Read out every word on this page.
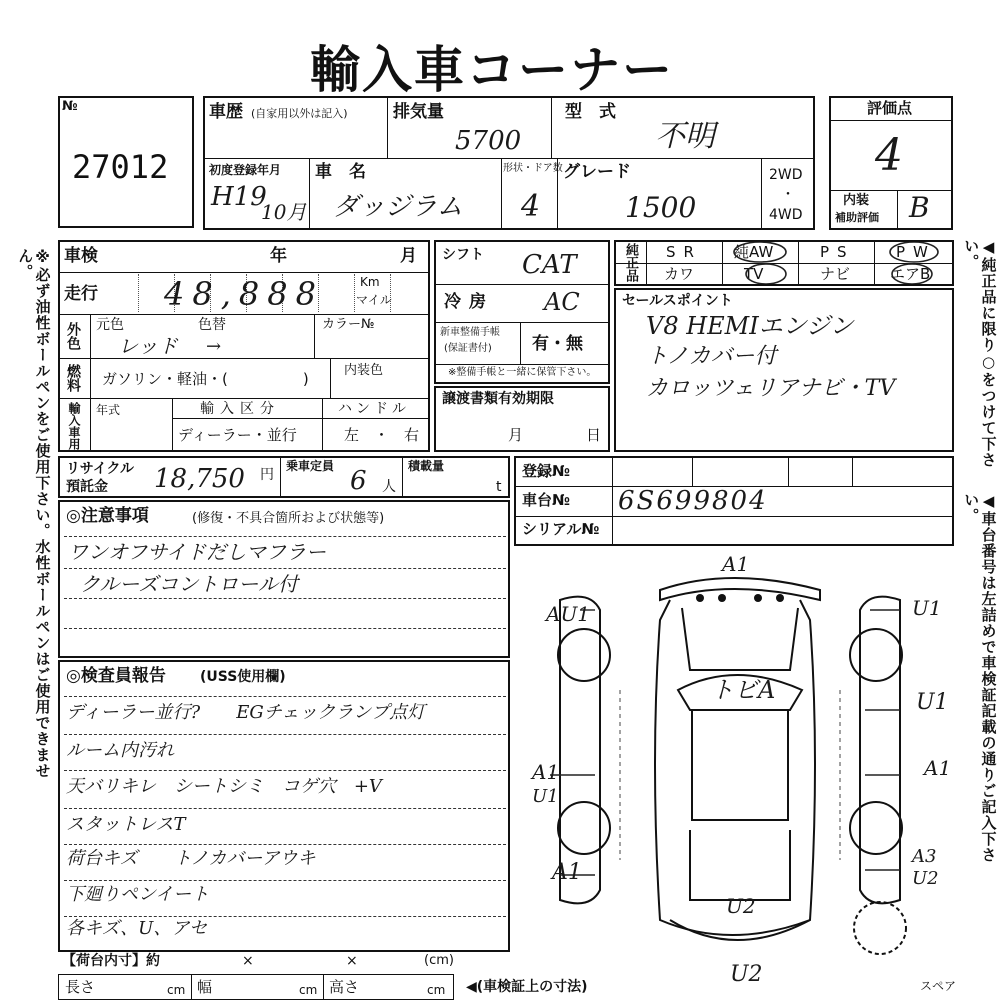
輸入車コーナー
※必ず油性ボールペンをご使用下さい。水性ボールペンはご使用できません。	◀純正品に限り○をつけて下さい。
◀車台番号は左詰めで車検証記載の通りご記入下さい。
№
27012
車歴 (自家用以外は記入)	排気量
5700
型　式
不明
初度登録年月
H19
10月
車　名
ダッジラム
形状・ドア数
4
グレード
1500
2WD
・
4WD
評価点
4
内装
補助評価 B
車検	年	月
走行 48,888	Km
マイル
外色 元色	色替	カラー№
レッド →
燃料 ガソリン・軽油・(　　　　　)	内装色
輸入車用 年式	輸入区分
ディーラー・並行
ハンドル
左　・　右
シフト CAT
冷房 AC
新車整備手帳
(保証書付) 有・無
※整備手帳と一緒に保管下さい。
譲渡書類有効期限
月	日
純正品 SR 純AW	PS	PW
カワ	TV	ナビ	エアB
セールスポイント
V8 HEMIエンジン
トノカバー付
カロッツェリアナビ・TV
リサイクル
預託金 18,750 円
乗車定員 6 人
積載量
t
登録№
車台№ 6S699804
シリアル№
◎注意事項	(修復・不具合箇所および状態等)
ワンオフサイドだしマフラー
クルーズコントロール付
◎検査員報告 (USS使用欄)
ディーラー並行?　　EGチェックランプ点灯
ルーム内汚れ
天バリキレ　シートシミ　コゲ穴　+V
スタットレスT
荷台キズ　　トノカバーアウキ
下廻りペンイート
各キズ、U、アセ
【荷台内寸】約	×	×	(cm)
長さ	cm 幅	cm 高さ	cm ◀(車検証上の寸法)
A1
AU1	U1
トビA	U1
A1
U1
A1
A1
A3
U2
U2
U2	スペア
